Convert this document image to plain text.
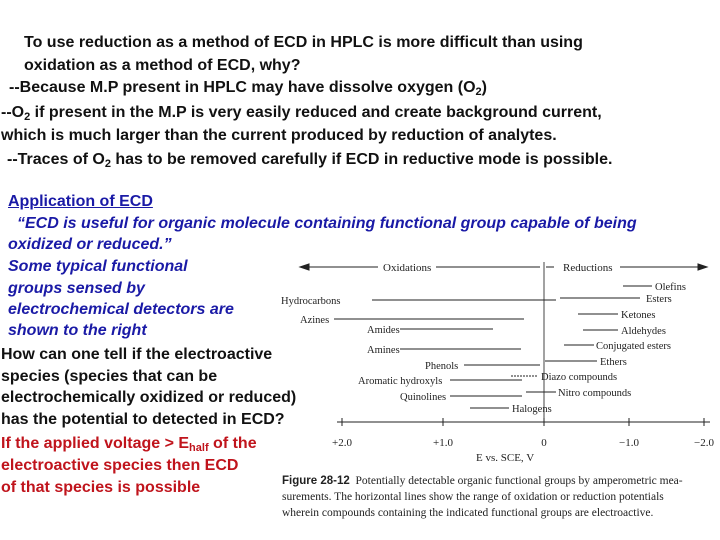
To use reduction as a method of ECD in HPLC is more difficult than using
oxidation as a method of ECD, why?
--Because M.P present in HPLC may have dissolve oxygen $(O_2)$
$--O_2$ if present in the M.P is very easily reduced and create background current,
which is much larger than the current produced by reduction of analytes.
--Traces of $O_2$ has to be removed carefully if ECD in reductive mode is possible.
Application of ECD
“ECD is useful for organic molecule containing functional group capable of being
oxidized or reduced.”
Some typical functional
groups sensed by
electrochemical detectors are
shown to the right
How can one tell if the electroactive
species (species that can be
electrochemically oxidized or reduced)
has the potential to detected in ECD?
If the applied voltage > $E_{half}$ of the
electroactive species then ECD
of that species is possible
Oxidations	Reductions
Hydrocarbons
Azines
Amides
Amines
Phenols
Aromatic hydroxyls
Quinolines
Olefins
Esters
Ketones
Aldehydes
Conjugated esters
Ethers
Diazo compounds
Nitro compounds
Halogens
+2.0	+1.0	0	−1.0	−2.0
E vs. SCE, V
Figure 28-12 Potentially detectable organic functional groups by amperometric mea-
surements. The horizontal lines show the range of oxidation or reduction potentials
wherein compounds containing the indicated functional groups are electroactive.
